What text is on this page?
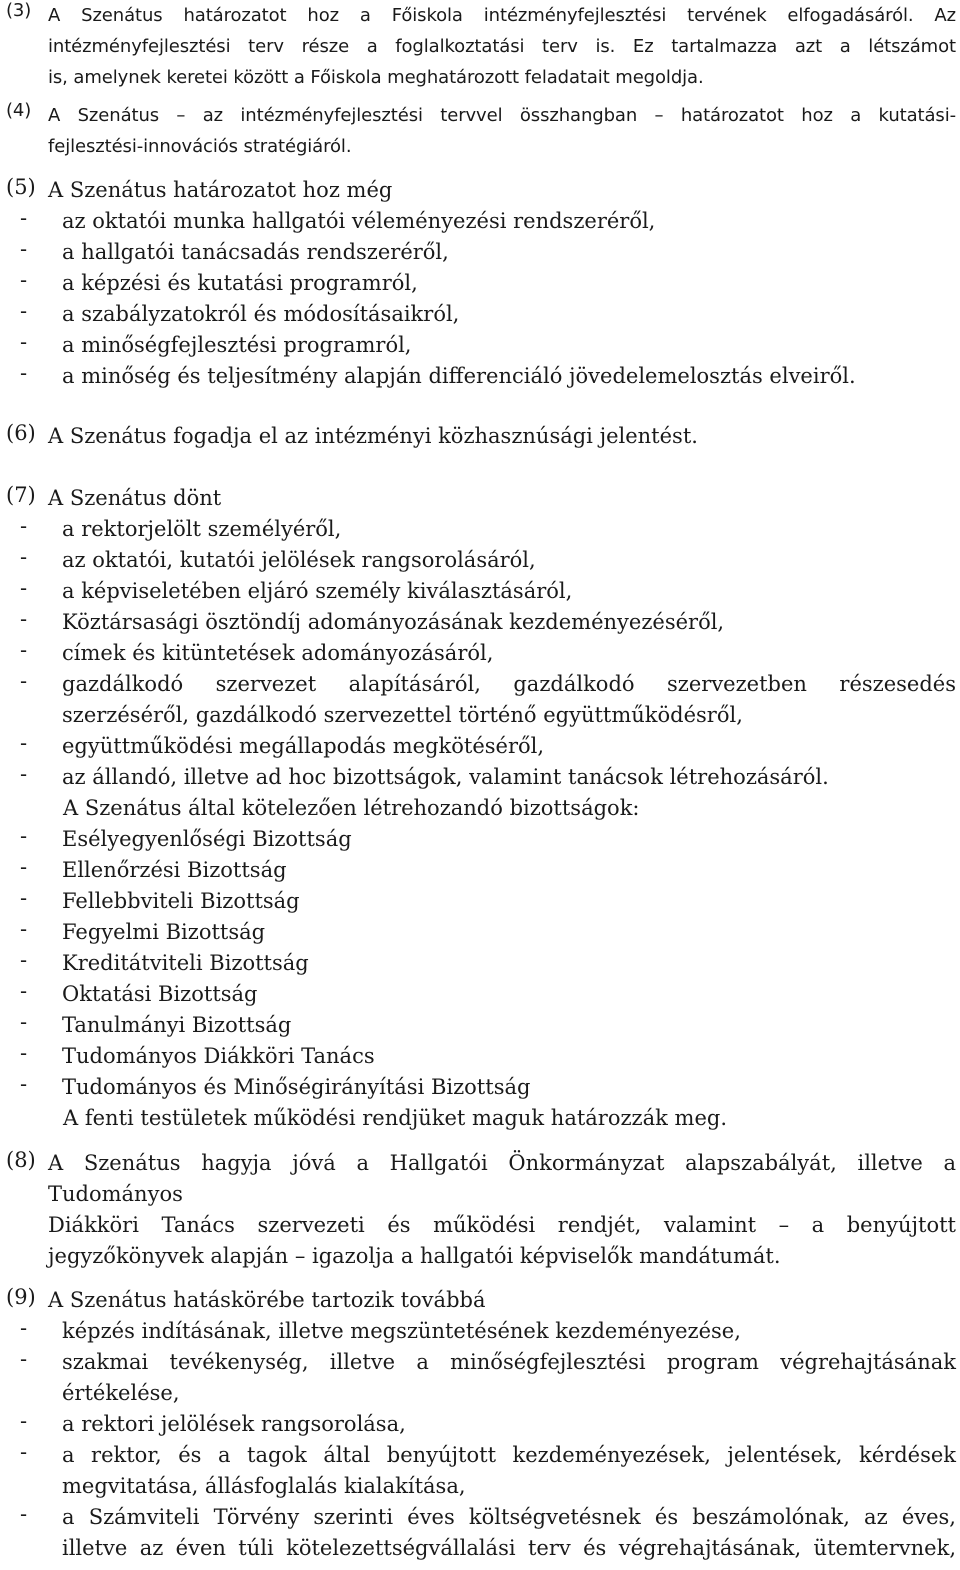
(3) A Szenátus határozatot hoz a Főiskola intézményfejlesztési tervének elfogadásáról. Az

intézményfejlesztési terv része a foglalkoztatási terv is. Ez tartalmazza azt a létszámot

is, amelynek keretei között a Főiskola meghatározott feladatait megoldja.

(4) A Szenátus – az intézményfejlesztési tervvel összhangban – határozatot hoz a kutatási-

fejlesztési-innovációs stratégiáról.

(5) A Szenátus határozatot hoz még

- az oktatói munka hallgatói véleményezési rendszeréről,

- a hallgatói tanácsadás rendszeréről,

- a képzési és kutatási programról,

- a szabályzatokról és módosításaikról,

- a minőségfejlesztési programról,

- a minőség és teljesítmény alapján differenciáló jövedelemelosztás elveiről.

(6) A Szenátus fogadja el az intézményi közhasznúsági jelentést.

(7) A Szenátus dönt

- a rektorjelölt személyéről,

- az oktatói, kutatói jelölések rangsorolásáról,

- a képviseletében eljáró személy kiválasztásáról,

- Köztársasági ösztöndíj adományozásának kezdeményezéséről,

- címek és kitüntetések adományozásáról,

- gazdálkodó szervezet alapításáról, gazdálkodó szervezetben részesedés

szerzéséről, gazdálkodó szervezettel történő együttműködésről,

- együttműködési megállapodás megkötéséről,

- az állandó, illetve ad hoc bizottságok, valamint tanácsok létrehozásáról.

A Szenátus által kötelezően létrehozandó bizottságok:

- Esélyegyenlőségi Bizottság

- Ellenőrzési Bizottság

- Fellebbviteli Bizottság

- Fegyelmi Bizottság

- Kreditátviteli Bizottság

- Oktatási Bizottság

- Tanulmányi Bizottság

- Tudományos Diákköri Tanács

- Tudományos és Minőségirányítási Bizottság

A fenti testületek működési rendjüket maguk határozzák meg.

(8) A Szenátus hagyja jóvá a Hallgatói Önkormányzat alapszabályát, illetve a Tudományos

Diákköri Tanács szervezeti és működési rendjét, valamint – a benyújtott

jegyzőkönyvek alapján – igazolja a hallgatói képviselők mandátumát.

(9) A Szenátus hatáskörébe tartozik továbbá

- képzés indításának, illetve megszüntetésének kezdeményezése,

- szakmai tevékenység, illetve a minőségfejlesztési program végrehajtásának

értékelése,

- a rektori jelölések rangsorolása,

- a rektor, és a tagok által benyújtott kezdeményezések, jelentések, kérdések

megvitatása, állásfoglalás kialakítása,

- a Számviteli Törvény szerinti éves költségvetésnek és beszámolónak, az éves,

illetve az éven túli kötelezettségvállalási terv és végrehajtásának, ütemtervnek,
